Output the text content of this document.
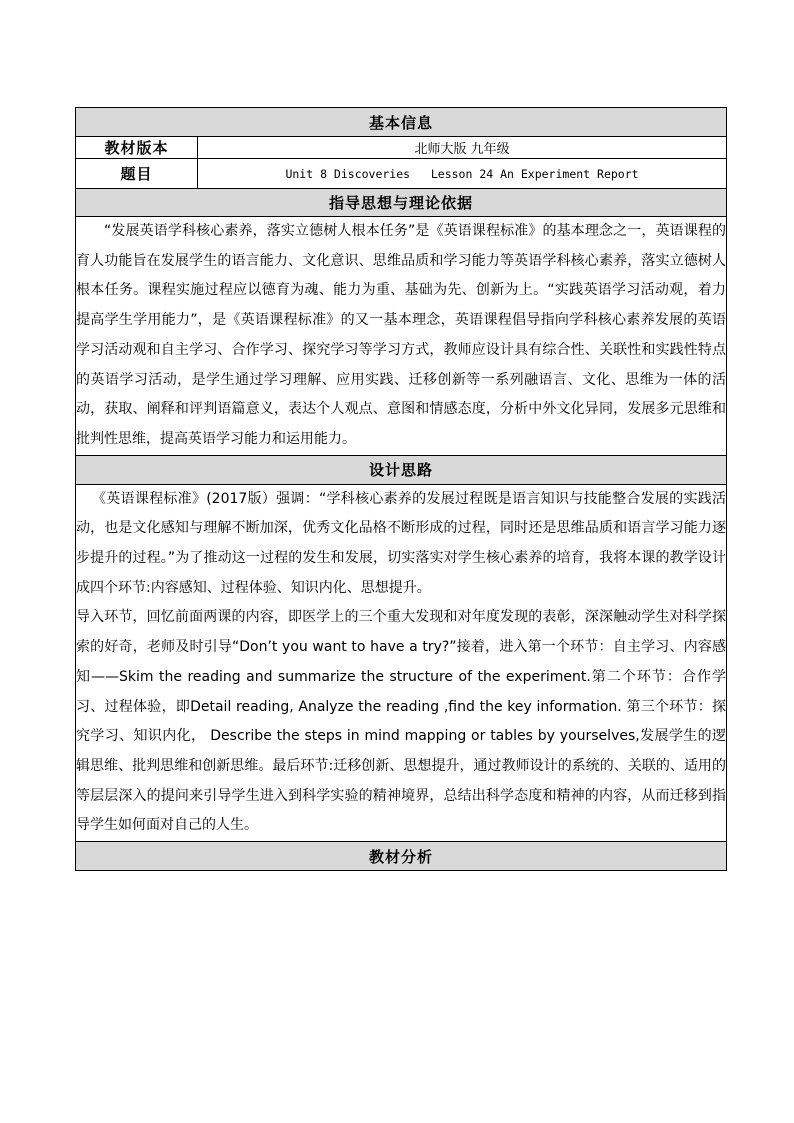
基本信息	
教材版本	北师大版 九年级
题目	Unit 8 Discoveries   Lesson 24 An Experiment Report
指导思想与理论依据	

“发展英语学科核心素养，落实立德树人根本任务”是《英语课程标准》的基本理念之一，英语课程的育人功能旨在发展学生的语言能力、文化意识、思维品质和学习能力等英语学科核心素养，落实立德树人根本任务。课程实施过程应以德育为魂、能力为重、基础为先、创新为上。“实践英语学习活动观，着力提高学生学用能力”，是《英语课程标准》的又一基本理念，英语课程倡导指向学科核心素养发展的英语学习活动观和自主学习、合作学习、探究学习等学习方式，教师应设计具有综合性、关联性和实践性特点的英语学习活动，是学生通过学习理解、应用实践、迁移创新等一系列融语言、文化、思维为一体的活动，获取、阐释和评判语篇意义，表达个人观点、意图和情感态度，分析中外文化异同，发展多元思维和批判性思维，提高英语学习能力和运用能力。	

设计思路	

《英语课程标准》(2017版）强调：“学科核心素养的发展过程既是语言知识与技能整合发展的实践活动，也是文化感知与理解不断加深，优秀文化品格不断形成的过程，同时还是思维品质和语言学习能力逐步提升的过程。”为了推动这一过程的发生和发展，切实落实对学生核心素养的培育，我将本课的教学设计成四个环节:内容感知、过程体验、知识内化、思想提升。

导入环节，回忆前面两课的内容，即医学上的三个重大发现和对年度发现的表彰，深深触动学生对科学探索的好奇，老师及时引导“Don’t you want to have a try?”接着，进入第一个环节：自主学习、内容感知——Skim the reading and summarize the structure of the experiment.第二个环节：合作学习、过程体验，即Detail reading, Analyze the reading ,find the key information. 第三个环节：探究学习、知识内化， Describe the steps in mind mapping or tables by yourselves,发展学生的逻辑思维、批判思维和创新思维。最后环节:迁移创新、思想提升，通过教师设计的系统的、关联的、适用的等层层深入的提问来引导学生进入到科学实验的精神境界，总结出科学态度和精神的内容，从而迁移到指导学生如何面对自己的人生。	

教材分析	
